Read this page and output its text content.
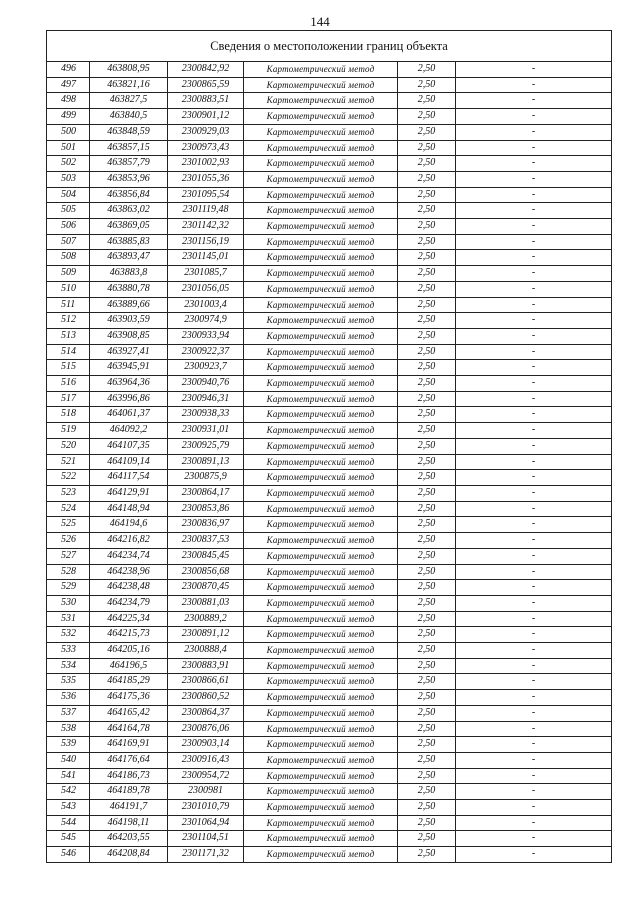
144
Сведения о местоположении границ объекта					
496	463808,95	2300842,92	Картометрический метод	2,50	-
497	463821,16	2300865,59	Картометрический метод	2,50	-
498	463827,5	2300883,51	Картометрический метод	2,50	-
499	463840,5	2300901,12	Картометрический метод	2,50	-
500	463848,59	2300929,03	Картометрический метод	2,50	-
501	463857,15	2300973,43	Картометрический метод	2,50	-
502	463857,79	2301002,93	Картометрический метод	2,50	-
503	463853,96	2301055,36	Картометрический метод	2,50	-
504	463856,84	2301095,54	Картометрический метод	2,50	-
505	463863,02	2301119,48	Картометрический метод	2,50	-
506	463869,05	2301142,32	Картометрический метод	2,50	-
507	463885,83	2301156,19	Картометрический метод	2,50	-
508	463893,47	2301145,01	Картометрический метод	2,50	-
509	463883,8	2301085,7	Картометрический метод	2,50	-
510	463880,78	2301056,05	Картометрический метод	2,50	-
511	463889,66	2301003,4	Картометрический метод	2,50	-
512	463903,59	2300974,9	Картометрический метод	2,50	-
513	463908,85	2300933,94	Картометрический метод	2,50	-
514	463927,41	2300922,37	Картометрический метод	2,50	-
515	463945,91	2300923,7	Картометрический метод	2,50	-
516	463964,36	2300940,76	Картометрический метод	2,50	-
517	463996,86	2300946,31	Картометрический метод	2,50	-
518	464061,37	2300938,33	Картометрический метод	2,50	-
519	464092,2	2300931,01	Картометрический метод	2,50	-
520	464107,35	2300925,79	Картометрический метод	2,50	-
521	464109,14	2300891,13	Картометрический метод	2,50	-
522	464117,54	2300875,9	Картометрический метод	2,50	-
523	464129,91	2300864,17	Картометрический метод	2,50	-
524	464148,94	2300853,86	Картометрический метод	2,50	-
525	464194,6	2300836,97	Картометрический метод	2,50	-
526	464216,82	2300837,53	Картометрический метод	2,50	-
527	464234,74	2300845,45	Картометрический метод	2,50	-
528	464238,96	2300856,68	Картометрический метод	2,50	-
529	464238,48	2300870,45	Картометрический метод	2,50	-
530	464234,79	2300881,03	Картометрический метод	2,50	-
531	464225,34	2300889,2	Картометрический метод	2,50	-
532	464215,73	2300891,12	Картометрический метод	2,50	-
533	464205,16	2300888,4	Картометрический метод	2,50	-
534	464196,5	2300883,91	Картометрический метод	2,50	-
535	464185,29	2300866,61	Картометрический метод	2,50	-
536	464175,36	2300860,52	Картометрический метод	2,50	-
537	464165,42	2300864,37	Картометрический метод	2,50	-
538	464164,78	2300876,06	Картометрический метод	2,50	-
539	464169,91	2300903,14	Картометрический метод	2,50	-
540	464176,64	2300916,43	Картометрический метод	2,50	-
541	464186,73	2300954,72	Картометрический метод	2,50	-
542	464189,78	2300981	Картометрический метод	2,50	-
543	464191,7	2301010,79	Картометрический метод	2,50	-
544	464198,11	2301064,94	Картометрический метод	2,50	-
545	464203,55	2301104,51	Картометрический метод	2,50	-
546	464208,84	2301171,32	Картометрический метод	2,50	-
